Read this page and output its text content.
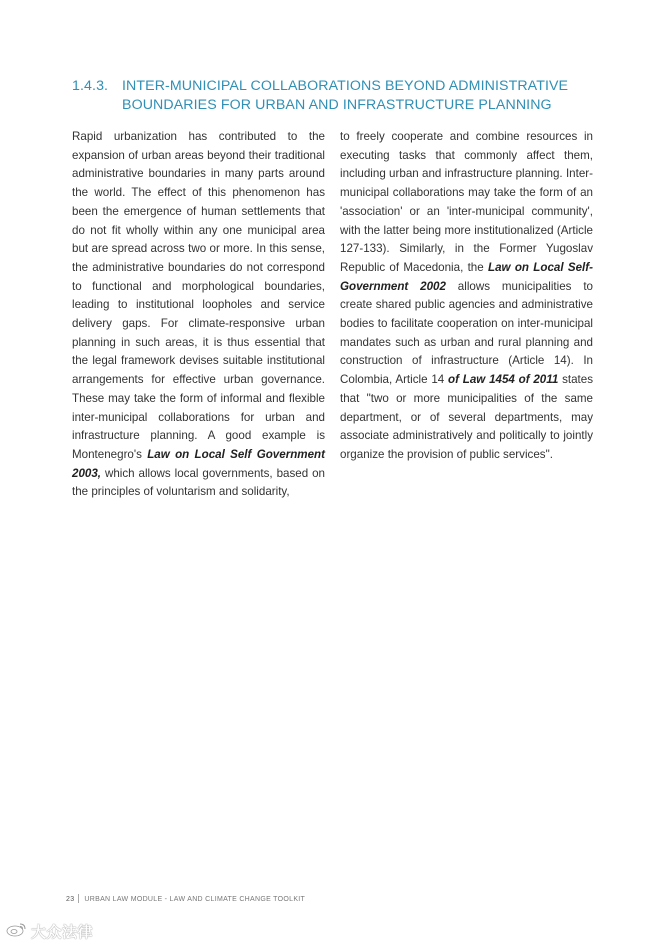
1.4.3. INTER-MUNICIPAL COLLABORATIONS BEYOND ADMINISTRATIVE
BOUNDARIES FOR URBAN AND INFRASTRUCTURE PLANNING
Rapid urbanization has contributed to the expansion of urban areas beyond their traditional administrative boundaries in many parts around the world. The effect of this phenomenon has been the emergence of human settlements that do not fit wholly within any one municipal area but are spread across two or more. In this sense, the administrative boundaries do not correspond to functional and morphological boundaries, leading to institutional loopholes and service delivery gaps. For climate-responsive urban planning in such areas, it is thus essential that the legal framework devises suitable institutional arrangements for effective urban governance. These may take the form of informal and flexible inter-municipal collaborations for urban and infrastructure planning. A good example is Montenegro's Law on Local Self Government 2003, which allows local governments, based on the principles of voluntarism and solidarity,
to freely cooperate and combine resources in executing tasks that commonly affect them, including urban and infrastructure planning. Inter-municipal collaborations may take the form of an 'association' or an 'inter-municipal community', with the latter being more institutionalized (Article 127-133). Similarly, in the Former Yugoslav Republic of Macedonia, the Law on Local Self-Government 2002 allows municipalities to create shared public agencies and administrative bodies to facilitate cooperation on inter-municipal mandates such as urban and rural planning and construction of infrastructure (Article 14). In Colombia, Article 14 of Law 1454 of 2011 states that "two or more municipalities of the same department, or of several departments, may associate administratively and politically to jointly organize the provision of public services".
23 URBAN LAW MODULE - LAW AND CLIMATE CHANGE TOOLKIT
大众法律
